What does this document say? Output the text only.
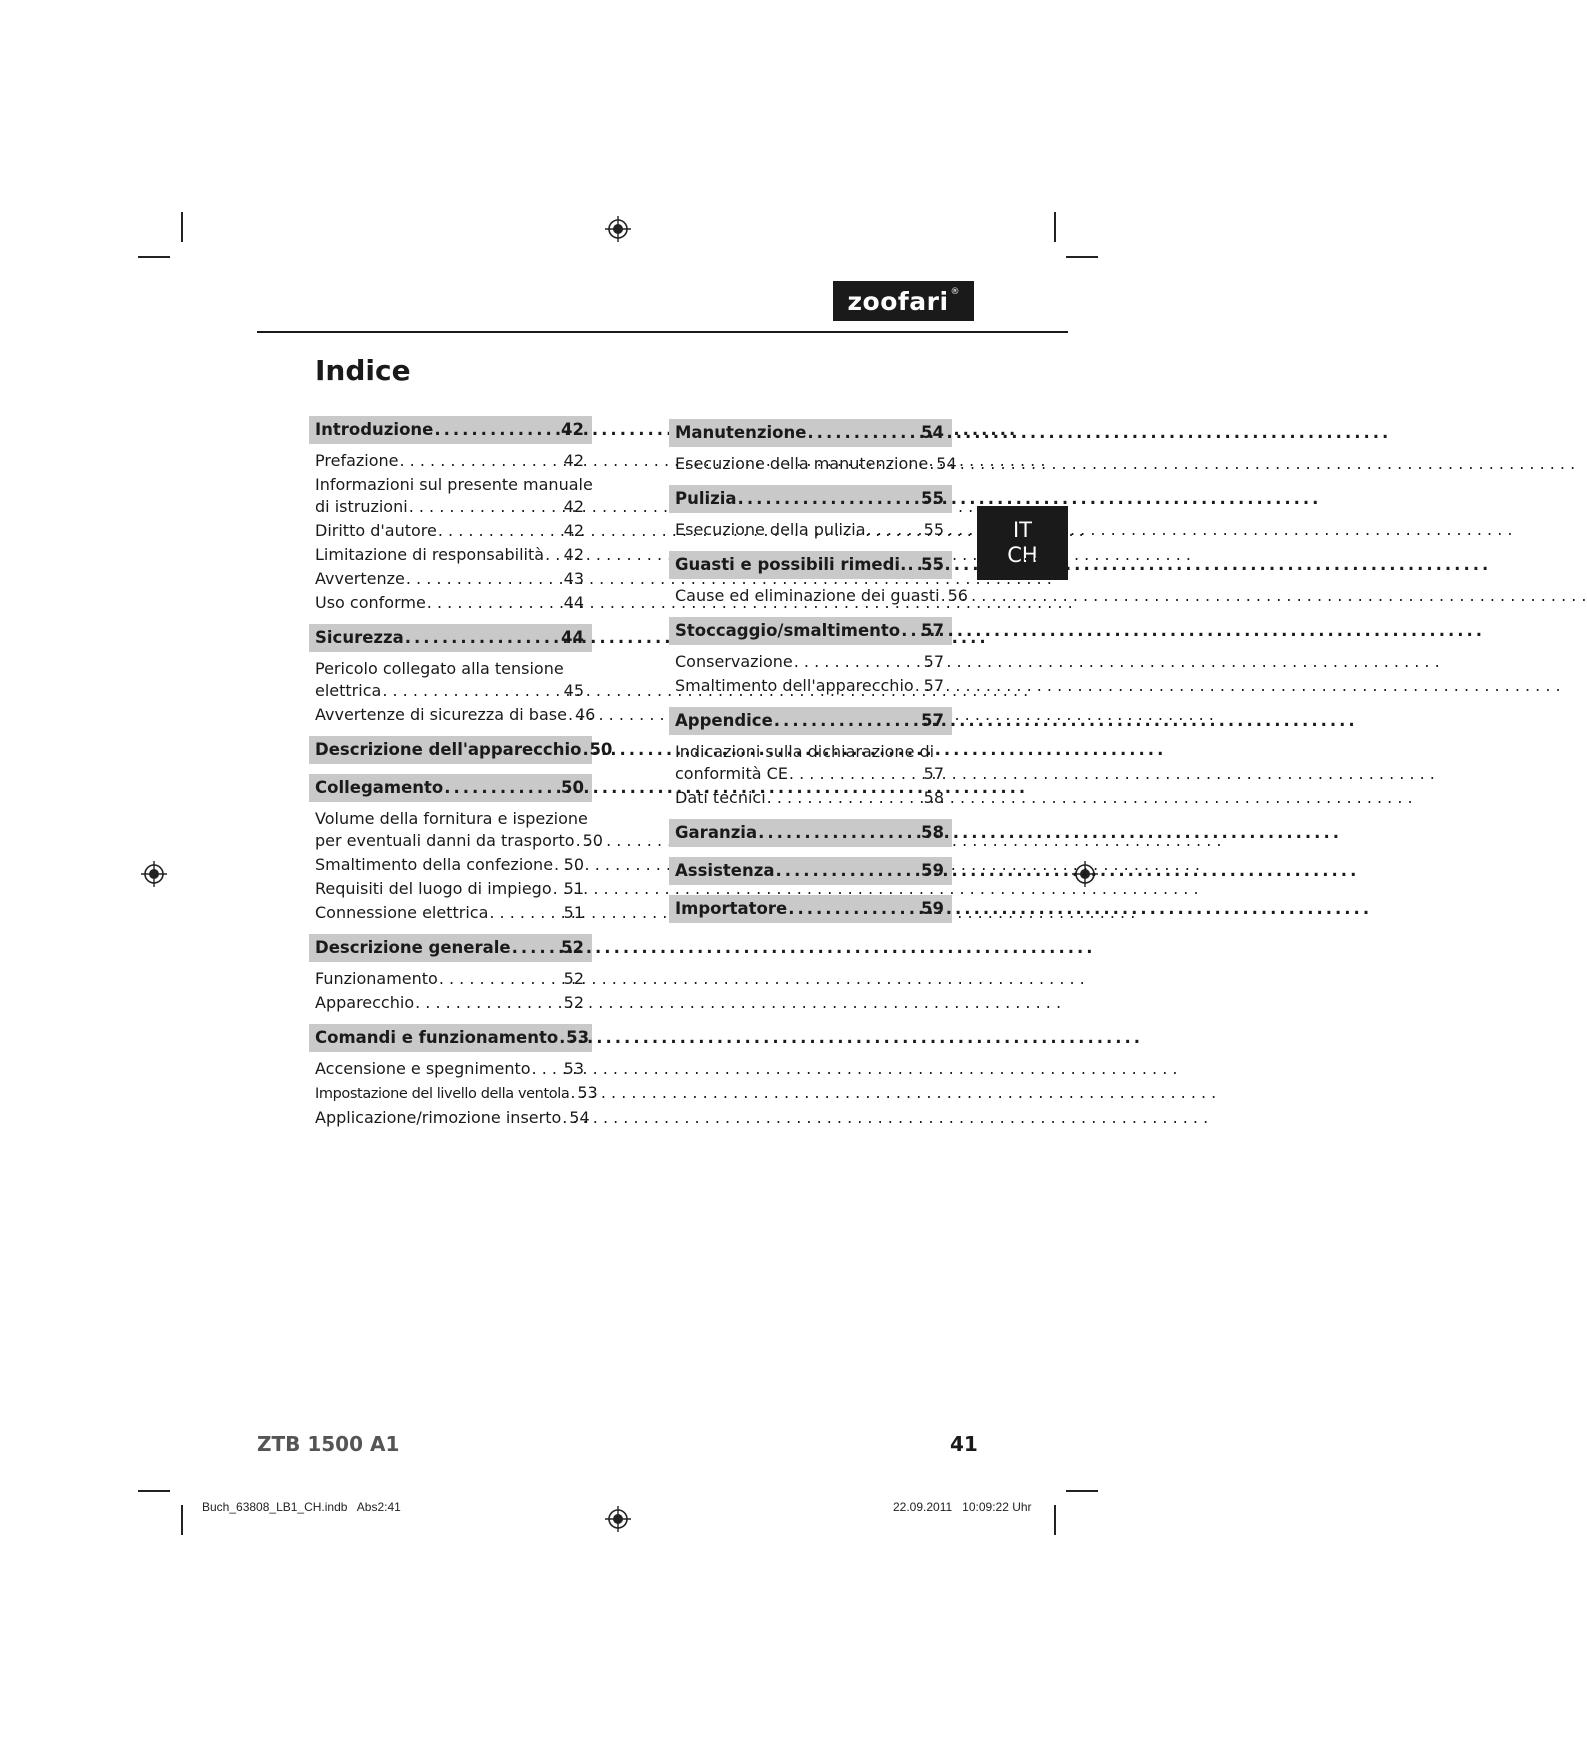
zoofari ®
Indice
IT
CH
Introduzione .....	42
Prefazione . . .	42
Informazioni sul presente manuale
di istruzioni . . .	42
Diritto d'autore . . .	42
Limitazione di responsabilità . . . 42
Avvertenze . . .	43
Uso conforme . . .	44
Sicurezza .....	44
Pericolo collegato alla tensione
elettrica . . .	45
Avvertenze di sicurezza di base . . . 46
Descrizione dell'apparecchio ..... 50
Collegamento .....	50
Volume della fornitura e ispezione
per eventuali danni da trasporto . . . 50
Smaltimento della confezione . . . 50
Requisiti del luogo di impiego . . . 51
Connessione elettrica . . .	51
Descrizione generale .....	52
Funzionamento . . .	52
Apparecchio . . .	52
Comandi e funzionamento ..... 53
Accensione e spegnimento . . . 53
Impostazione del livello della ventola . . . 53
Applicazione/rimozione inserto . . . 54
Manutenzione .....	54
Esecuzione della manutenzione . . . 54
Pulizia .....	55
Esecuzione della pulizia . . .	55
Guasti e possibili rimedi. ..... 55
Cause ed eliminazione dei guasti . . . 56
Stoccaggio/smaltimento ..... 57
Conservazione . . .	57
Smaltimento dell'apparecchio . . . 57
Appendice .....	57
Indicazioni sulla dichiarazione di
conformità CE . . .	57
Dati tecnici . . .	58
Garanzia .....	58
Assistenza .....	59
Importatore .....	59
ZTB 1500 A1	41
Buch_63808_LB1_CH.indb   Abs2:41	22.09.2011   10:09:22 Uhr
